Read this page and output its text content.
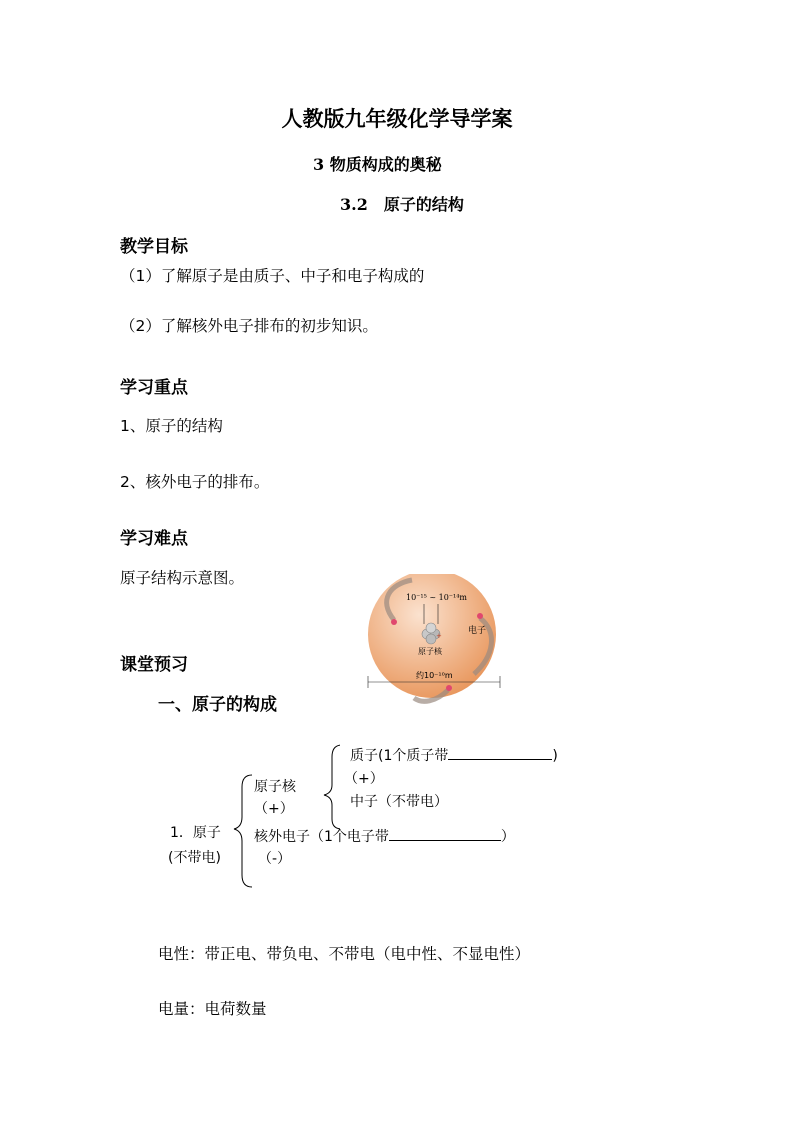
人教版九年级化学导学案
3 物质构成的奥秘
3.2　原子的结构
教学目标
（1）了解原子是由质子、中子和电子构成的
（2）了解核外电子排布的初步知识。
学习重点
1、原子的结构
2、核外电子的排布。
学习难点
原子结构示意图。
+
10⁻¹⁵ ~ 10⁻¹⁴m
电子
原子核
约10⁻¹⁰m
课堂预习
一、原子的构成
1．原子
(不带电)
原子核
（+）
核外电子（1个电子带	）
（-）
质子(1个质子带	)
（+）
中子（不带电）
电性：带正电、带负电、不带电（电中性、不显电性）
电量：电荷数量
